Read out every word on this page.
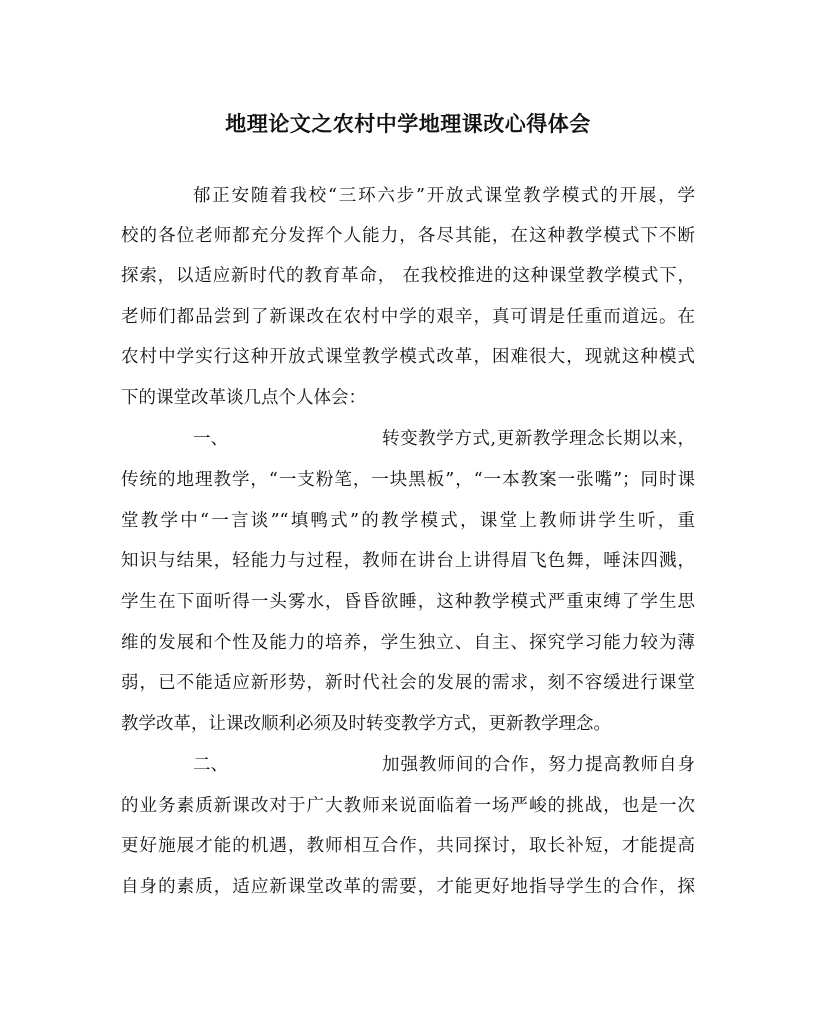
地理论文之农村中学地理课改心得体会
郁正安随着我校“三环六步”开放式课堂教学模式的开展，学
校的各位老师都充分发挥个人能力，各尽其能，在这种教学模式下不断
探索，以适应新时代的教育革命， 在我校推进的这种课堂教学模式下，
老师们都品尝到了新课改在农村中学的艰辛，真可谓是任重而道远。在
农村中学实行这种开放式课堂教学模式改革，困难很大，现就这种模式
下的课堂改革谈几点个人体会：
一、	转变教学方式,更新教学理念长期以来，
传统的地理教学，“一支粉笔，一块黑板”，“一本教案一张嘴”；同时课
堂教学中“一言谈”“填鸭式”的教学模式，课堂上教师讲学生听，重
知识与结果，轻能力与过程，教师在讲台上讲得眉飞色舞，唾沫四溅，
学生在下面听得一头雾水，昏昏欲睡，这种教学模式严重束缚了学生思
维的发展和个性及能力的培养，学生独立、自主、探究学习能力较为薄
弱，已不能适应新形势，新时代社会的发展的需求，刻不容缓进行课堂
教学改革，让课改顺利必须及时转变教学方式，更新教学理念。
二、	加强教师间的合作，努力提高教师自身
的业务素质新课改对于广大教师来说面临着一场严峻的挑战，也是一次
更好施展才能的机遇，教师相互合作，共同探讨，取长补短，才能提高
自身的素质，适应新课堂改革的需要，才能更好地指导学生的合作，探
